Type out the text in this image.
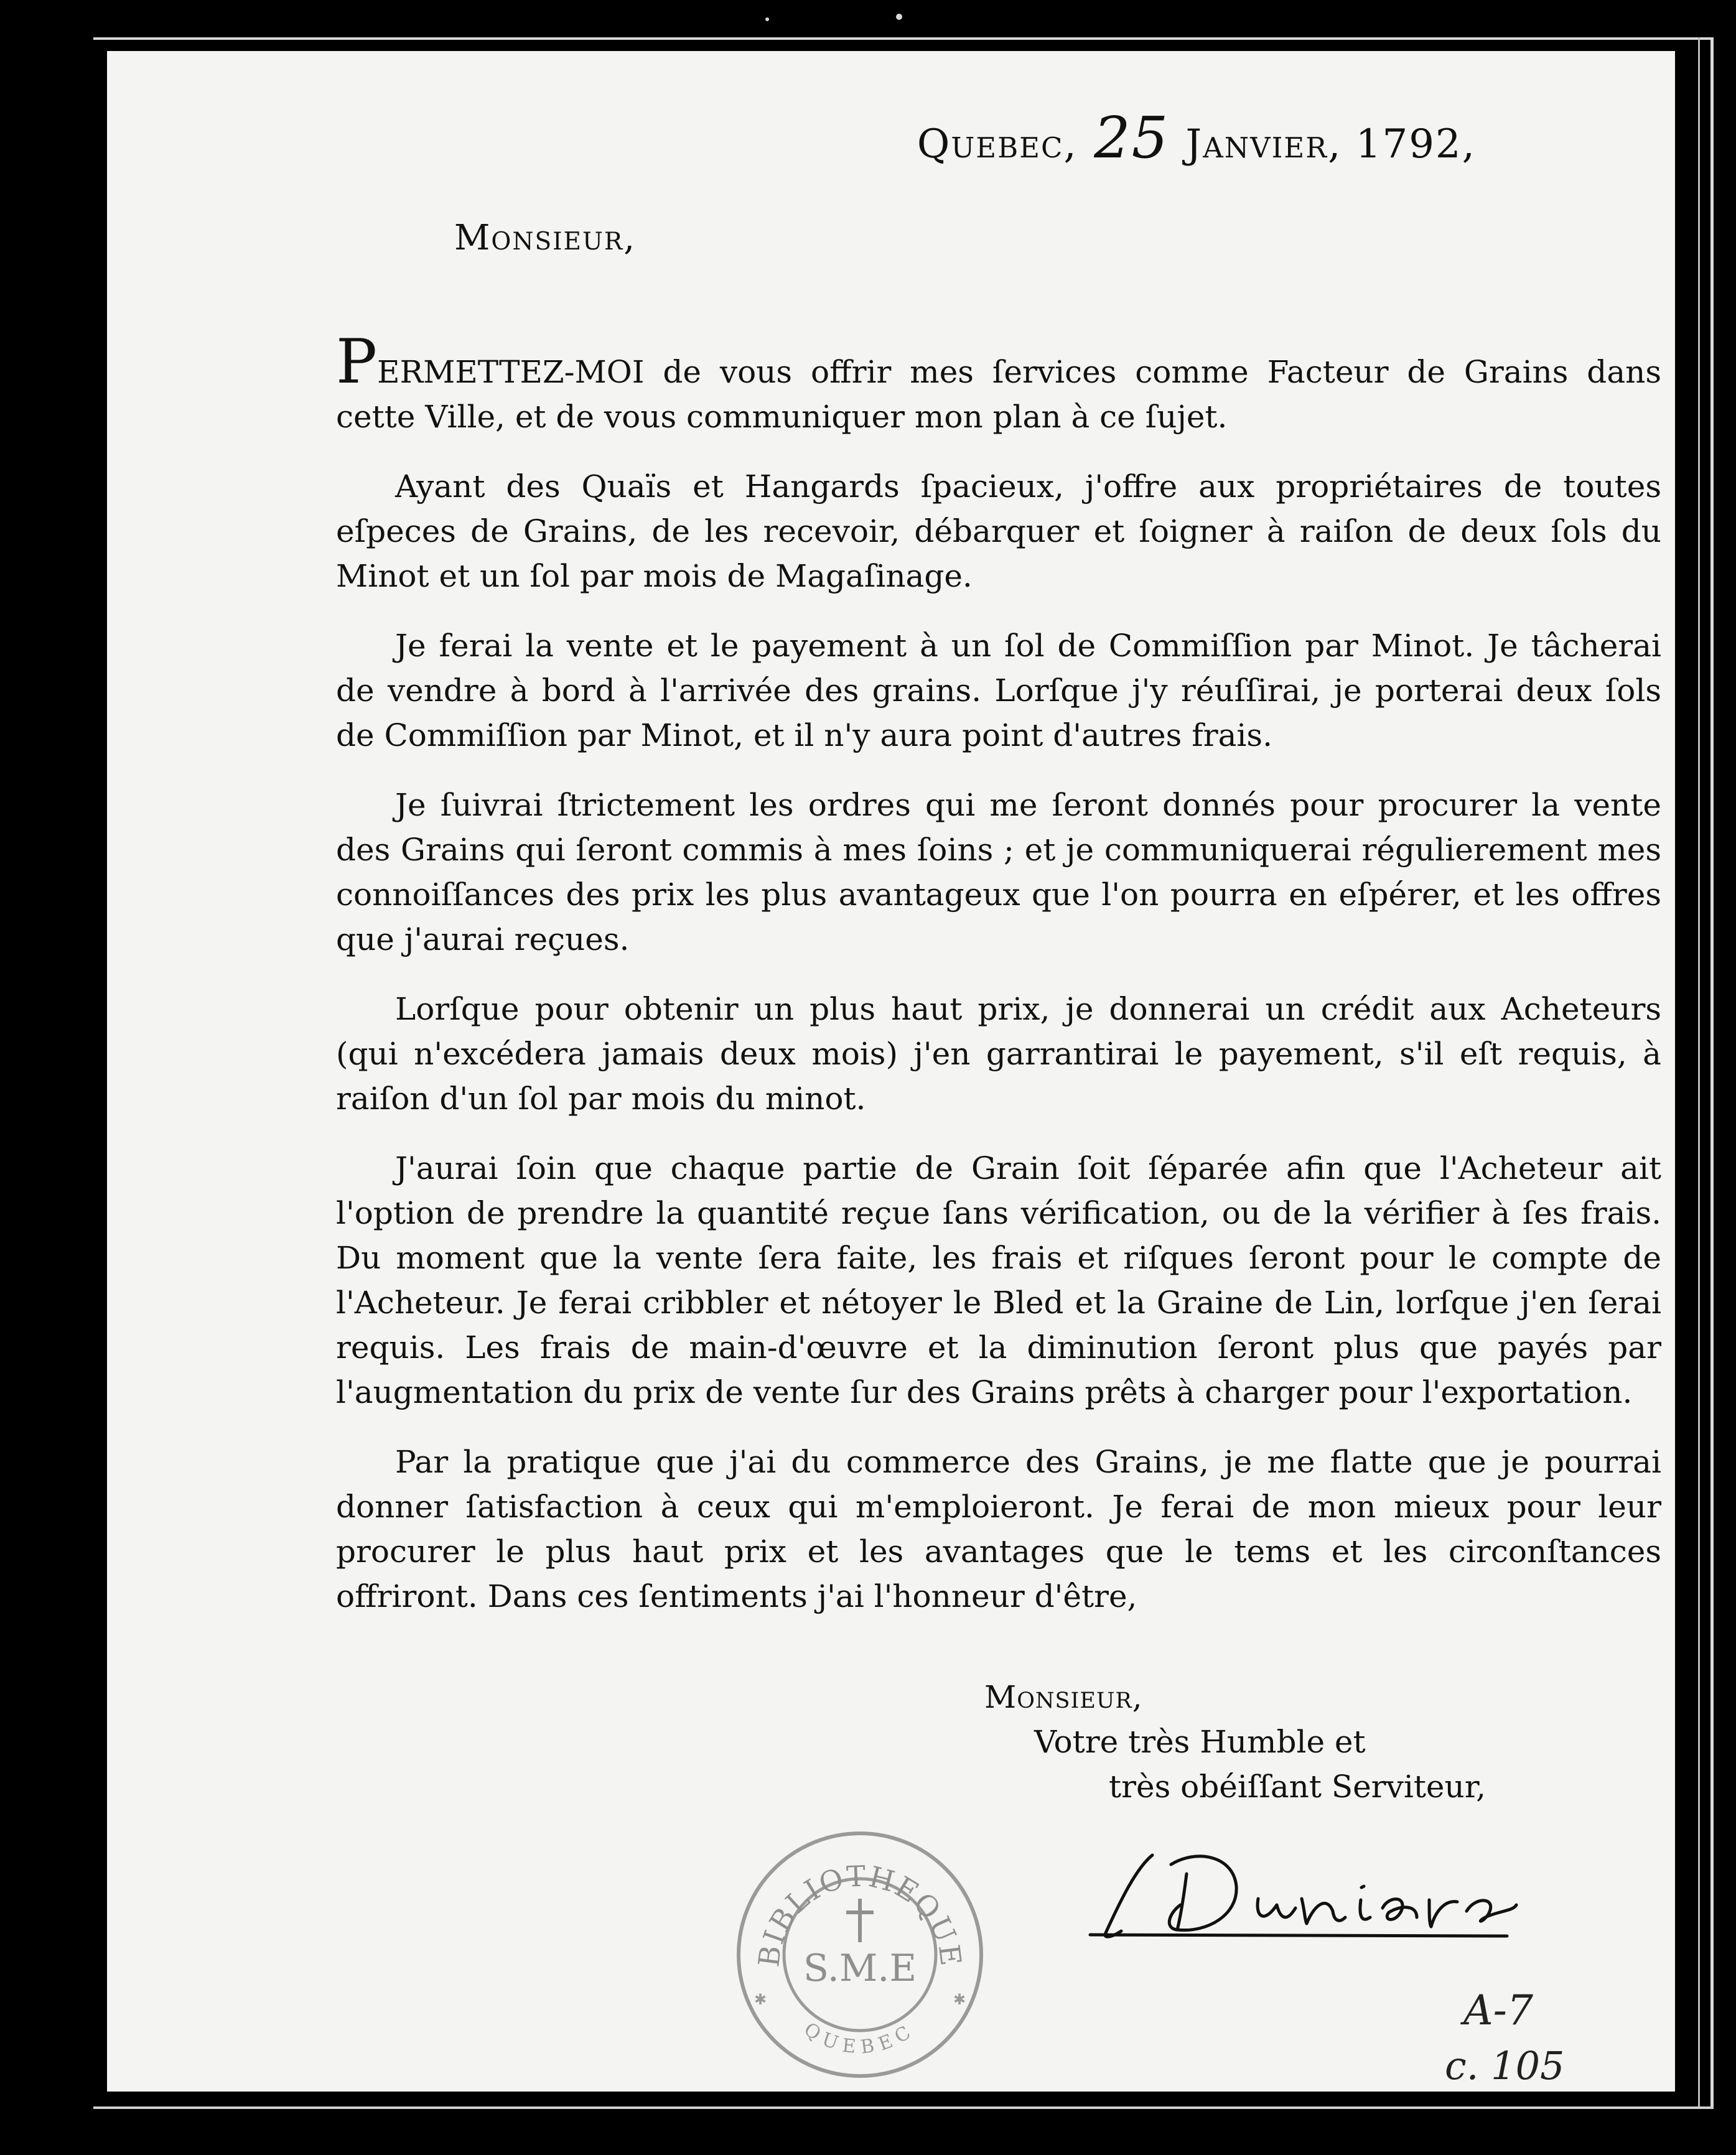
Quebec, 25 Janvier, 1792,
Monsieur,

PERMETTEZ-MOI de vous offrir mes ſervices comme Facteur de Grains dans cette Ville, et de vous communiquer mon plan à ce ſujet.

Ayant des Quaïs et Hangards ſpacieux, j'offre aux propriétaires de toutes eſpeces de Grains, de les recevoir, débarquer et ſoigner à raiſon de deux ſols du Minot et un ſol par mois de Magaſinage.

Je ferai la vente et le payement à un ſol de Commiſſion par Minot. Je tâcherai de vendre à bord à l'arrivée des grains. Lorſque j'y réuſſirai, je porterai deux ſols de Commiſſion par Minot, et il n'y aura point d'autres frais.

Je ſuivrai ſtrictement les ordres qui me ſeront donnés pour procurer la vente des Grains qui ſeront commis à mes ſoins ; et je communiquerai régulierement mes connoiſſances des prix les plus avantageux que l'on pourra en eſpérer, et les offres que j'aurai reçues.

Lorſque pour obtenir un plus haut prix, je donnerai un crédit aux Acheteurs (qui n'excédera jamais deux mois) j'en garrantirai le payement, s'il eſt requis, à raiſon d'un ſol par mois du minot.

J'aurai ſoin que chaque partie de Grain ſoit ſéparée afin que l'Acheteur ait l'option de prendre la quantité reçue ſans vérification, ou de la vérifier à ſes frais. Du moment que la vente ſera faite, les frais et riſques ſeront pour le compte de l'Acheteur. Je ferai cribbler et nétoyer le Bled et la Graine de Lin, lorſque j'en ſerai requis. Les frais de main-d'œuvre et la diminution ſeront plus que payés par l'augmentation du prix de vente ſur des Grains prêts à charger pour l'exportation.

Par la pratique que j'ai du commerce des Grains, je me flatte que je pourrai donner ſatisfaction à ceux qui m'emploieront. Je ferai de mon mieux pour leur procurer le plus haut prix et les avantages que le tems et les circonſtances offriront. Dans ces ſentiments j'ai l'honneur d'être,

Monsieur,
Votre très Humble et
très obéiſſant Serviteur,
BIBLIOTHEQUE
QUEBEC
S.M.E
✱	✱	A-7
c. 105
